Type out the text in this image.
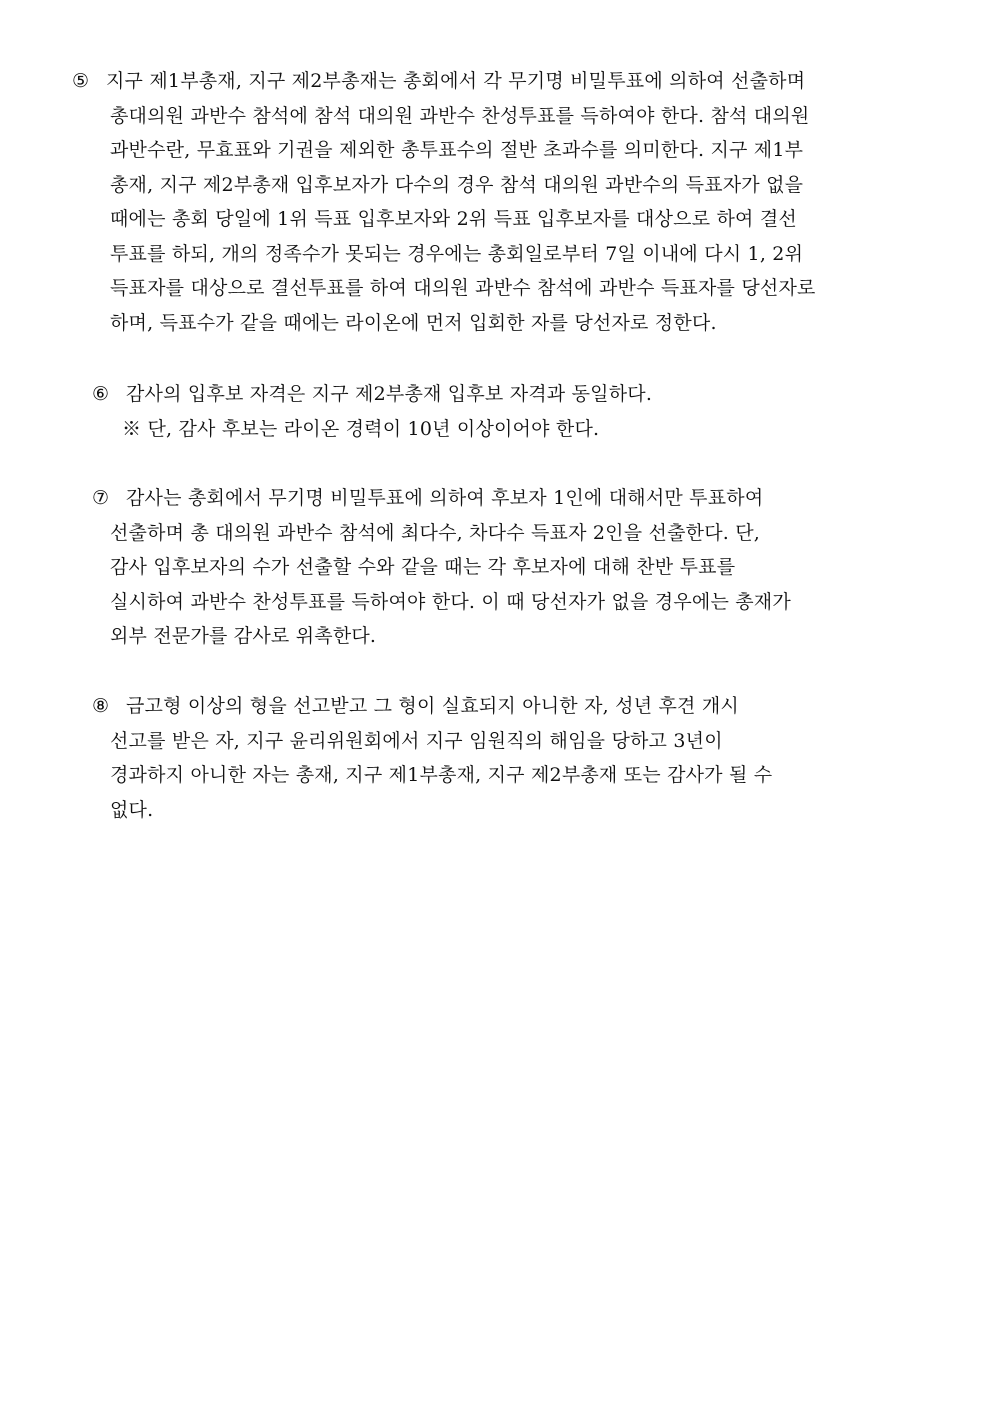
⑤ 지구 제1부총재, 지구 제2부총재는 총회에서 각 무기명 비밀투표에 의하여 선출하며
총대의원 과반수 참석에 참석 대의원 과반수 찬성투표를 득하여야 한다. 참석 대의원
과반수란, 무효표와 기권을 제외한 총투표수의 절반 초과수를 의미한다. 지구 제1부
총재, 지구 제2부총재 입후보자가 다수의 경우 참석 대의원 과반수의 득표자가 없을
때에는 총회 당일에 1위 득표 입후보자와 2위 득표 입후보자를 대상으로 하여 결선
투표를 하되, 개의 정족수가 못되는 경우에는 총회일로부터 7일 이내에 다시 1, 2위
득표자를 대상으로 결선투표를 하여 대의원 과반수 참석에 과반수 득표자를 당선자로
하며, 득표수가 같을 때에는 라이온에 먼저 입회한 자를 당선자로 정한다.
⑥ 감사의 입후보 자격은 지구 제2부총재 입후보 자격과 동일하다.
※ 단, 감사 후보는 라이온 경력이 10년 이상이어야 한다.
⑦ 감사는 총회에서 무기명 비밀투표에 의하여 후보자 1인에 대해서만 투표하여
선출하며 총 대의원 과반수 참석에 최다수, 차다수 득표자 2인을 선출한다. 단,
감사 입후보자의 수가 선출할 수와 같을 때는 각 후보자에 대해 찬반 투표를
실시하여 과반수 찬성투표를 득하여야 한다. 이 때 당선자가 없을 경우에는 총재가
외부 전문가를 감사로 위촉한다.
⑧ 금고형 이상의 형을 선고받고 그 형이 실효되지 아니한 자, 성년 후견 개시
선고를 받은 자, 지구 윤리위원회에서 지구 임원직의 해임을 당하고 3년이
경과하지 아니한 자는 총재, 지구 제1부총재, 지구 제2부총재 또는 감사가 될 수
없다.
